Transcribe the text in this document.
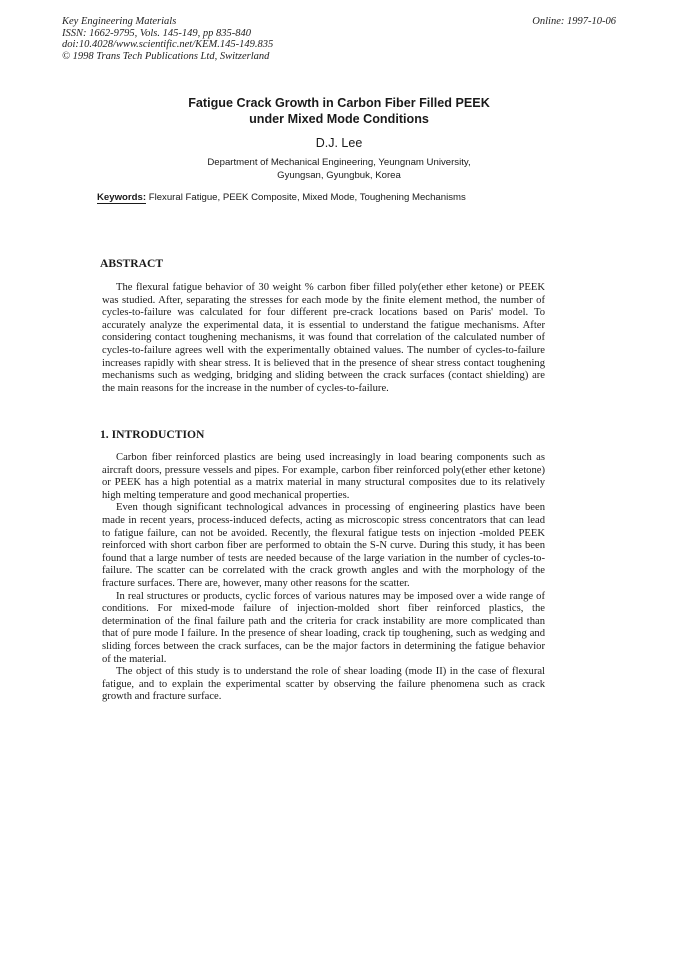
Key Engineering Materials
ISSN: 1662-9795, Vols. 145-149, pp 835-840
doi:10.4028/www.scientific.net/KEM.145-149.835
© 1998 Trans Tech Publications Ltd, Switzerland
Online: 1997-10-06
Fatigue Crack Growth in Carbon Fiber Filled PEEK
under Mixed Mode Conditions
D.J. Lee
Department of Mechanical Engineering, Yeungnam University,
Gyungsan, Gyungbuk, Korea
Keywords: Flexural Fatigue, PEEK Composite, Mixed Mode, Toughening Mechanisms
ABSTRACT

The flexural fatigue behavior of 30 weight % carbon fiber filled poly(ether ether ketone) or PEEK was studied. After, separating the stresses for each mode by the finite element method, the number of cycles-to-failure was calculated for four different pre-crack locations based on Paris' model. To accurately analyze the experimental data, it is essential to understand the fatigue mechanisms. After considering contact toughening mechanisms, it was found that correlation of the calculated number of cycles-to-failure agrees well with the experimentally obtained values. The number of cycles-to-failure increases rapidly with shear stress. It is believed that in the presence of shear stress contact toughening mechanisms such as wedging, bridging and sliding between the crack surfaces (contact shielding) are the main reasons for the increase in the number of cycles-to-failure.

1. INTRODUCTION

Carbon fiber reinforced plastics are being used increasingly in load bearing components such as aircraft doors, pressure vessels and pipes. For example, carbon fiber reinforced poly(ether ether ketone) or PEEK has a high potential as a matrix material in many structural composites due to its relatively high melting temperature and good mechanical properties.

Even though significant technological advances in processing of engineering plastics have been made in recent years, process-induced defects, acting as microscopic stress concentrators that can lead to fatigue failure, can not be avoided. Recently, the flexural fatigue tests on injection -molded PEEK reinforced with short carbon fiber are performed to obtain the S-N curve. During this study, it has been found that a large number of tests are needed because of the large variation in the number of cycles-to-failure. The scatter can be correlated with the crack growth angles and with the morphology of the fracture surfaces. There are, however, many other reasons for the scatter.

In real structures or products, cyclic forces of various natures may be imposed over a wide range of conditions. For mixed-mode failure of injection-molded short fiber reinforced plastics, the determination of the final failure path and the criteria for crack instability are more complicated than that of pure mode I failure. In the presence of shear loading, crack tip toughening, such as wedging and sliding forces between the crack surfaces, can be the major factors in determining the fatigue behavior of the material.

The object of this study is to understand the role of shear loading (mode II) in the case of flexural fatigue, and to explain the experimental scatter by observing the failure phenomena such as crack growth and fracture surface.
